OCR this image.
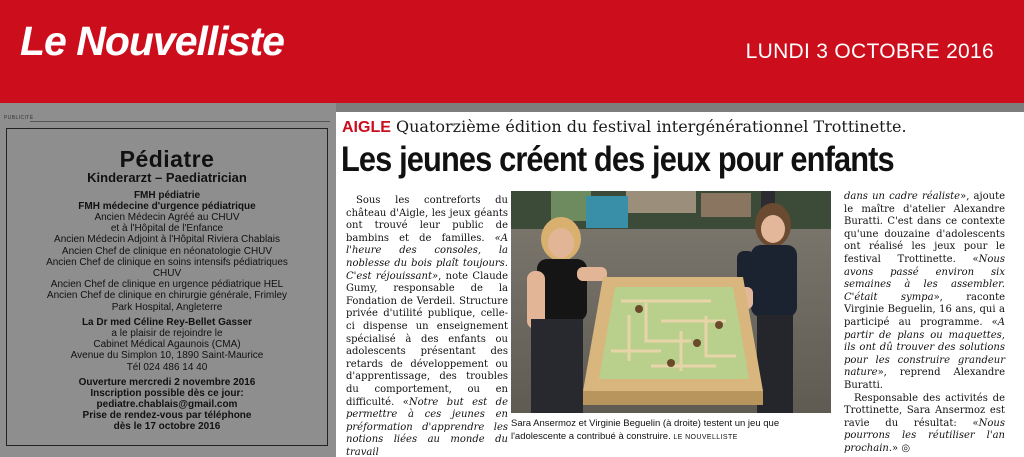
Le Nouvelliste	LUNDI 3 OCTOBRE 2016
PUBLICITÉ
Pédiatre
Kinderarzt – Paediatrician
FMH pédiatrie
FMH médecine d'urgence pédiatrique
Ancien Médecin Agréé au CHUV
et à l'Hôpital de l'Enfance
Ancien Médecin Adjoint à l'Hôpital Riviera Chablais
Ancien Chef de clinique en néonatologie CHUV
Ancien Chef de clinique en soins intensifs pédiatriques
CHUV
Ancien Chef de clinique en urgence pédiatrique HEL
Ancien Chef de clinique en chirurgie générale, Frimley
Park Hospital, Angleterre
La Dr med Céline Rey-Bellet Gasser
a le plaisir de rejoindre le
Cabinet Médical Agaunois (CMA)
Avenue du Simplon 10, 1890 Saint-Maurice
Tél 024 486 14 40
Ouverture mercredi 2 novembre 2016
Inscription possible dès ce jour:
pediatre.chablais@gmail.com
Prise de rendez-vous par téléphone
dès le 17 octobre 2016
AIGLE Quatorzième édition du festival intergénérationnel Trottinette.
Les jeunes créent des jeux pour enfants

Sous les contreforts du château d'Aigle, les jeux géants ont trouvé leur public de bambins et de familles. «A l'heure des consoles, la noblesse du bois plaît toujours. C'est réjouissant», note Claude Gumy, responsable de la Fondation de Verdeil. Structure privée d'utilité publique, celle-ci dispense un enseignement spécialisé à des enfants ou adolescents présentant des retards de développement ou d'apprentissage, des troubles du comportement, ou en difficulté. «Notre but est de permettre à ces jeunes en préformation d'apprendre les notions liées au monde du travail

Sara Ansermoz et Virginie Beguelin (à droite) testent un jeu que l'adolescente a contribué à construire. LE NOUVELLISTE

dans un cadre réaliste», ajoute le maître d'atelier Alexandre Buratti. C'est dans ce contexte qu'une douzaine d'adolescents ont réalisé les jeux pour le festival Trottinette. «Nous avons passé environ six semaines à les assembler. C'était sympa», raconte Virginie Beguelin, 16 ans, qui a participé au programme. «A partir de plans ou maquettes, ils ont dû trouver des solutions pour les construire grandeur nature», reprend Alexandre Buratti.

Responsable des activités de Trottinette, Sara Ansermoz est ravie du résultat: «Nous pourrons les réutiliser l'an prochain.» ◎
